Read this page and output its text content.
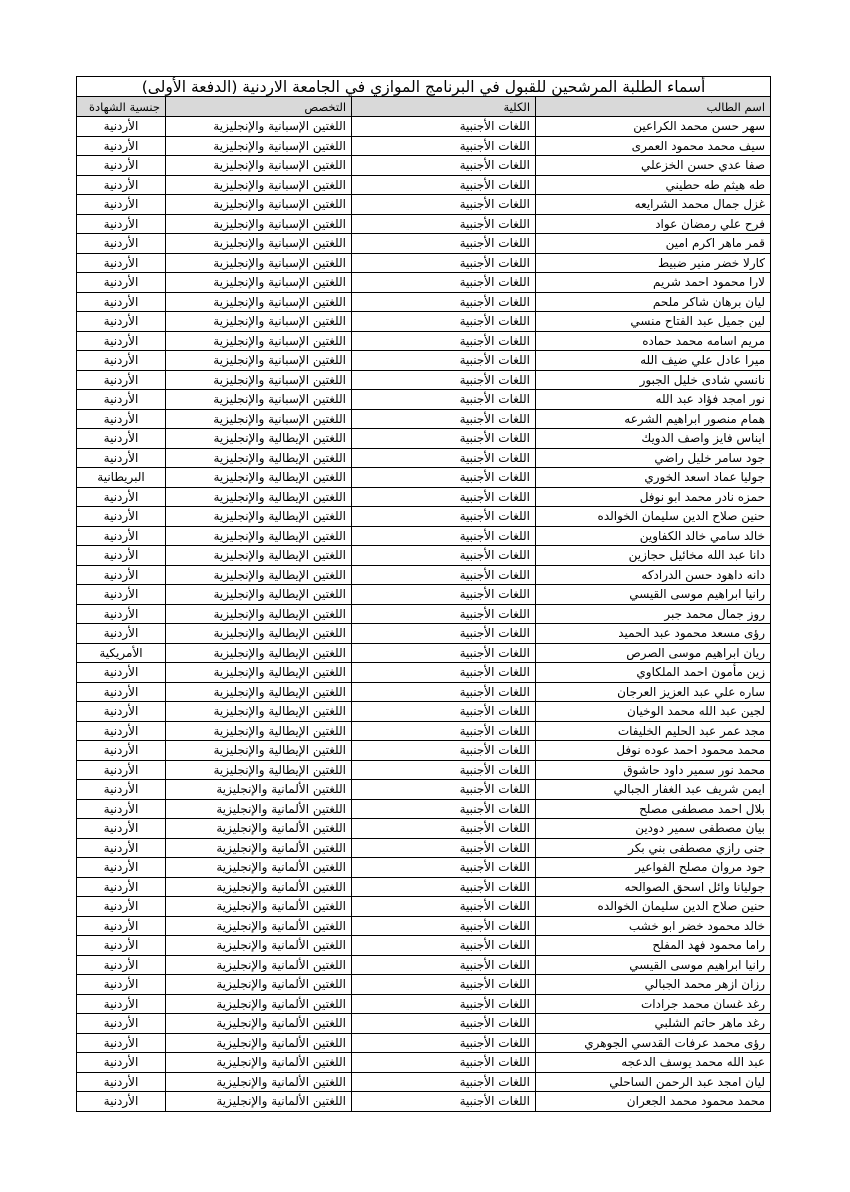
أسماء الطلبة المرشحين للقبول في البرنامج الموازي في الجامعة الاردنية (الدفعة الأولى)			
اسم الطالب	الكلية	التخصص	جنسية الشهادة
سهر حسن محمد الكراعين	اللغات الأجنبية	اللغتين الإسبانية والإنجليزية	الأردنية
سيف محمد محمود العمرى	اللغات الأجنبية	اللغتين الإسبانية والإنجليزية	الأردنية
صفا عدي حسن الخزعلي	اللغات الأجنبية	اللغتين الإسبانية والإنجليزية	الأردنية
طه هيثم طه حطيني	اللغات الأجنبية	اللغتين الإسبانية والإنجليزية	الأردنية
غزل جمال محمد الشرايعه	اللغات الأجنبية	اللغتين الإسبانية والإنجليزية	الأردنية
فرح علي رمضان عواد	اللغات الأجنبية	اللغتين الإسبانية والإنجليزية	الأردنية
قمر ماهر اكرم امين	اللغات الأجنبية	اللغتين الإسبانية والإنجليزية	الأردنية
كارلا خضر منير ضبيط	اللغات الأجنبية	اللغتين الإسبانية والإنجليزية	الأردنية
لارا محمود احمد شريم	اللغات الأجنبية	اللغتين الإسبانية والإنجليزية	الأردنية
ليان برهان شاكر ملحم	اللغات الأجنبية	اللغتين الإسبانية والإنجليزية	الأردنية
لين جميل عبد الفتاح منسي	اللغات الأجنبية	اللغتين الإسبانية والإنجليزية	الأردنية
مريم اسامه محمد حماده	اللغات الأجنبية	اللغتين الإسبانية والإنجليزية	الأردنية
ميرا عادل علي ضيف الله	اللغات الأجنبية	اللغتين الإسبانية والإنجليزية	الأردنية
نانسي شادى خليل الجبور	اللغات الأجنبية	اللغتين الإسبانية والإنجليزية	الأردنية
نور امجد فؤاد عبد الله	اللغات الأجنبية	اللغتين الإسبانية والإنجليزية	الأردنية
همام منصور ابراهيم الشرعه	اللغات الأجنبية	اللغتين الإسبانية والإنجليزية	الأردنية
ايناس فايز واصف الدويك	اللغات الأجنبية	اللغتين الإيطالية والإنجليزية	الأردنية
جود سامر خليل راضي	اللغات الأجنبية	اللغتين الإيطالية والإنجليزية	الأردنية
جوليا عماد اسعد الخوري	اللغات الأجنبية	اللغتين الإيطالية والإنجليزية	البريطانية
حمزه نادر محمد ابو نوفل	اللغات الأجنبية	اللغتين الإيطالية والإنجليزية	الأردنية
حنين صلاح الدين سليمان الخوالده	اللغات الأجنبية	اللغتين الإيطالية والإنجليزية	الأردنية
خالد سامي خالد الكفاوين	اللغات الأجنبية	اللغتين الإيطالية والإنجليزية	الأردنية
دانا عبد الله مخائيل حجازين	اللغات الأجنبية	اللغتين الإيطالية والإنجليزية	الأردنية
دانه داهود حسن الدرادكه	اللغات الأجنبية	اللغتين الإيطالية والإنجليزية	الأردنية
رانيا ابراهيم موسى القيسي	اللغات الأجنبية	اللغتين الإيطالية والإنجليزية	الأردنية
روز جمال محمد جبر	اللغات الأجنبية	اللغتين الإيطالية والإنجليزية	الأردنية
رؤى مسعد محمود عبد الحميد	اللغات الأجنبية	اللغتين الإيطالية والإنجليزية	الأردنية
ريان ابراهيم موسى الصرص	اللغات الأجنبية	اللغتين الإيطالية والإنجليزية	الأمريكية
زين مأمون احمد الملكاوي	اللغات الأجنبية	اللغتين الإيطالية والإنجليزية	الأردنية
ساره علي عبد العزيز العرجان	اللغات الأجنبية	اللغتين الإيطالية والإنجليزية	الأردنية
لجين عبد الله محمد الوخيان	اللغات الأجنبية	اللغتين الإيطالية والإنجليزية	الأردنية
مجد عمر عبد الحليم الخليفات	اللغات الأجنبية	اللغتين الإيطالية والإنجليزية	الأردنية
محمد محمود احمد عوده نوفل	اللغات الأجنبية	اللغتين الإيطالية والإنجليزية	الأردنية
محمد نور سمير داود حاشوق	اللغات الأجنبية	اللغتين الإيطالية والإنجليزية	الأردنية
ايمن شريف عبد الغفار الجبالي	اللغات الأجنبية	اللغتين الألمانية والإنجليزية	الأردنية
بلال احمد مصطفى مصلح	اللغات الأجنبية	اللغتين الألمانية والإنجليزية	الأردنية
بيان مصطفى سمير دودين	اللغات الأجنبية	اللغتين الألمانية والإنجليزية	الأردنية
جنى رازي مصطفى بني بكر	اللغات الأجنبية	اللغتين الألمانية والإنجليزية	الأردنية
جود مروان مصلح الفواعير	اللغات الأجنبية	اللغتين الألمانية والإنجليزية	الأردنية
جوليانا وائل اسحق الصوالحه	اللغات الأجنبية	اللغتين الألمانية والإنجليزية	الأردنية
حنين صلاح الدين سليمان الخوالده	اللغات الأجنبية	اللغتين الألمانية والإنجليزية	الأردنية
خالد محمود خضر ابو خشب	اللغات الأجنبية	اللغتين الألمانية والإنجليزية	الأردنية
راما محمود فهد المفلح	اللغات الأجنبية	اللغتين الألمانية والإنجليزية	الأردنية
رانيا ابراهيم موسى القيسي	اللغات الأجنبية	اللغتين الألمانية والإنجليزية	الأردنية
رزان ازهر محمد الجبالي	اللغات الأجنبية	اللغتين الألمانية والإنجليزية	الأردنية
رغد غسان محمد جرادات	اللغات الأجنبية	اللغتين الألمانية والإنجليزية	الأردنية
رغد ماهر حاتم الشلبي	اللغات الأجنبية	اللغتين الألمانية والإنجليزية	الأردنية
رؤى محمد عرفات القدسي الجوهري	اللغات الأجنبية	اللغتين الألمانية والإنجليزية	الأردنية
عبد الله محمد يوسف الدعجه	اللغات الأجنبية	اللغتين الألمانية والإنجليزية	الأردنية
ليان امجد عبد الرحمن الساحلي	اللغات الأجنبية	اللغتين الألمانية والإنجليزية	الأردنية
محمد محمود محمد الجعران	اللغات الأجنبية	اللغتين الألمانية والإنجليزية	الأردنية
